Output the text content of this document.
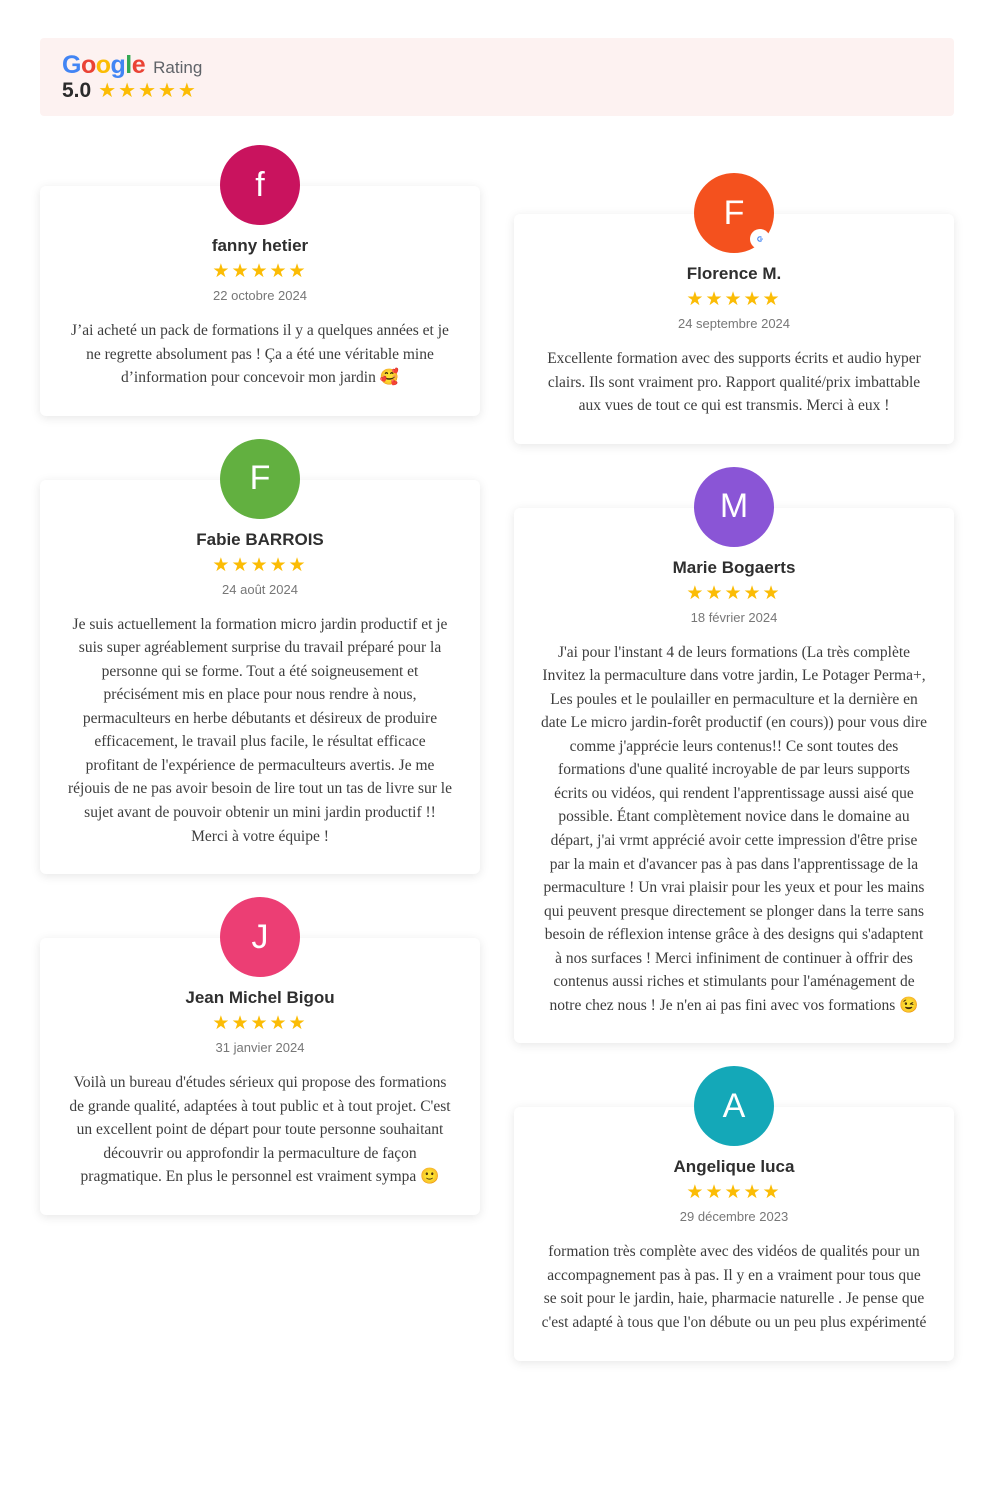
Google Rating
5.0 ★★★★★
f
fanny hetier
★★★★★
22 octobre 2024
J’ai acheté un pack de formations il y a quelques années et je ne regrette absolument pas ! Ça a été une véritable mine d’information pour concevoir mon jardin 🥰
F
Fabie BARROIS
★★★★★
24 août 2024
Je suis actuellement la formation micro jardin productif et je suis super agréablement surprise du travail préparé pour la personne qui se forme. Tout a été soigneusement et précisément mis en place pour nous rendre à nous, permaculteurs en herbe débutants et désireux de produire efficacement, le travail plus facile, le résultat efficace profitant de l'expérience de permaculteurs avertis. Je me réjouis de ne pas avoir besoin de lire tout un tas de livre sur le sujet avant de pouvoir obtenir un mini jardin productif !! Merci à votre équipe !
J
Jean Michel Bigou
★★★★★
31 janvier 2024
Voilà un bureau d'études sérieux qui propose des formations de grande qualité, adaptées à tout public et à tout projet. C'est un excellent point de départ pour toute personne souhaitant découvrir ou approfondir la permaculture de façon pragmatique. En plus le personnel est vraiment sympa 🙂
F
Florence M.
★★★★★
24 septembre 2024
Excellente formation avec des supports écrits et audio hyper clairs. Ils sont vraiment pro. Rapport qualité/prix imbattable aux vues de tout ce qui est transmis. Merci à eux !
M
Marie Bogaerts
★★★★★
18 février 2024
J'ai pour l'instant 4 de leurs formations (La très complète Invitez la permaculture dans votre jardin, Le Potager Perma+, Les poules et le poulailler en permaculture et la dernière en date Le micro jardin-forêt productif (en cours)) pour vous dire comme j'apprécie leurs contenus!! Ce sont toutes des formations d'une qualité incroyable de par leurs supports écrits ou vidéos, qui rendent l'apprentissage aussi aisé que possible. Étant complètement novice dans le domaine au départ, j'ai vrmt apprécié avoir cette impression d'être prise par la main et d'avancer pas à pas dans l'apprentissage de la permaculture ! Un vrai plaisir pour les yeux et pour les mains qui peuvent presque directement se plonger dans la terre sans besoin de réflexion intense grâce à des designs qui s'adaptent à nos surfaces ! Merci infiniment de continuer à offrir des contenus aussi riches et stimulants pour l'aménagement de notre chez nous ! Je n'en ai pas fini avec vos formations 😉
A
Angelique luca
★★★★★
29 décembre 2023
formation très complète avec des vidéos de qualités pour un accompagnement pas à pas. Il y en a vraiment pour tous que se soit pour le jardin, haie, pharmacie naturelle . Je pense que c'est adapté à tous que l'on débute ou un peu plus expérimenté
